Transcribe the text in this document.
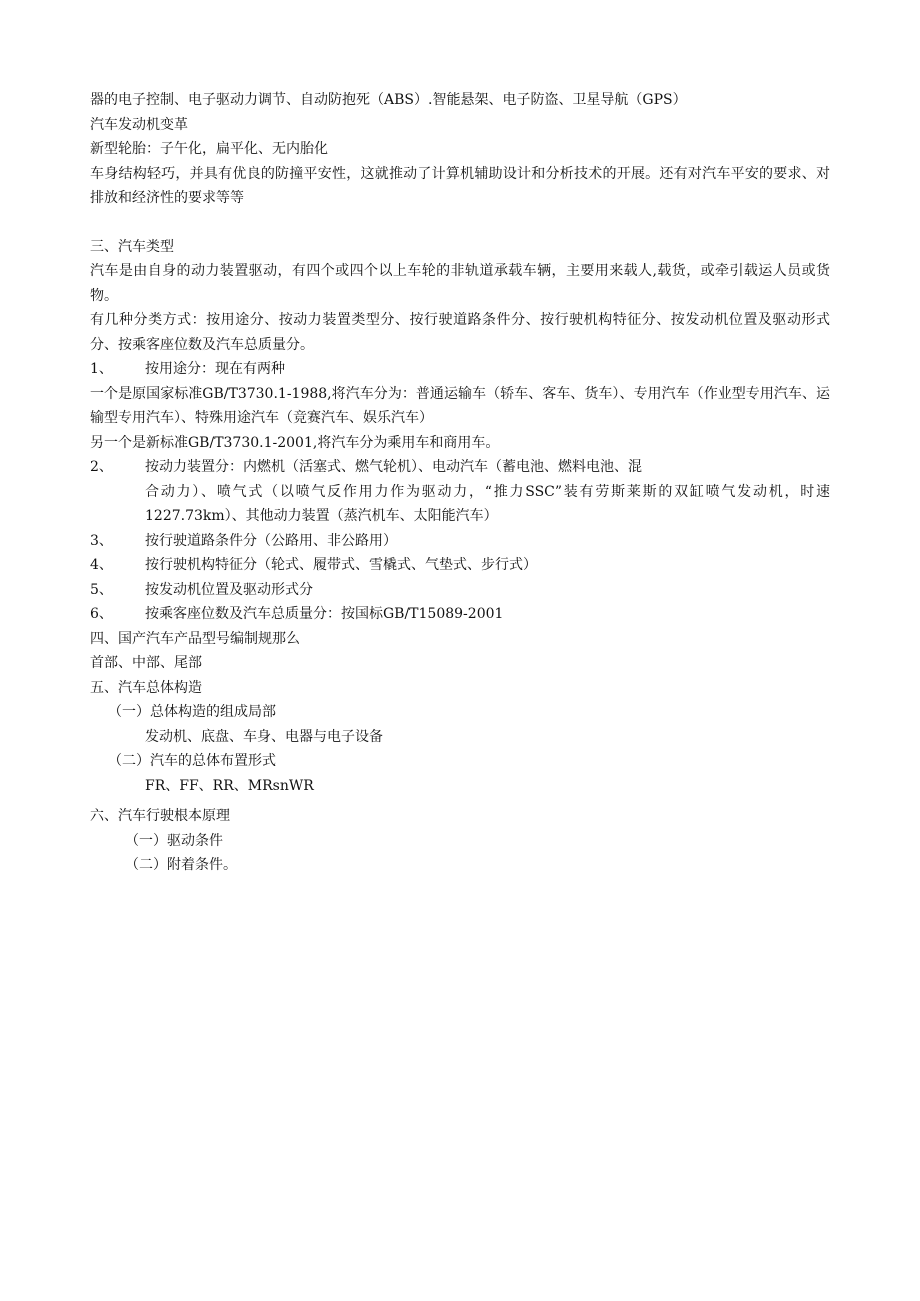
器的电子控制、电子驱动力调节、自动防抱死（ABS）.智能悬架、电子防盗、卫星导航（GPS）
汽车发动机变革
新型轮胎：子午化，扁平化、无内胎化
车身结构轻巧，并具有优良的防撞平安性，这就推动了计算机辅助设计和分析技术的开展。还有对汽车平安的要求、对排放和经济性的要求等等
三、汽车类型
汽车是由自身的动力装置驱动，有四个或四个以上车轮的非轨道承载车辆，主要用来载人,载货，或牵引载运人员或货物。
有几种分类方式：按用途分、按动力装置类型分、按行驶道路条件分、按行驶机构特征分、按发动机位置及驱动形式分、按乘客座位数及汽车总质量分。
1、	按用途分：现在有两种
一个是原国家标准GB/T3730.1-1988,将汽车分为：普通运输车（轿车、客车、货车）、专用汽车（作业型专用汽车、运输型专用汽车）、特殊用途汽车（竞赛汽车、娱乐汽车）
另一个是新标准GB/T3730.1-2001,将汽车分为乘用车和商用车。
2、	按动力装置分：内燃机（活塞式、燃气轮机）、电动汽车（蓄电池、燃料电池、混
合动力）、喷气式（以喷气反作用力作为驱动力，“推力SSC”装有劳斯莱斯的双缸喷气发动机，时速1227.73km）、其他动力装置（蒸汽机车、太阳能汽车）
3、	按行驶道路条件分（公路用、非公路用）
4、	按行驶机构特征分（轮式、履带式、雪橇式、气垫式、步行式）
5、	按发动机位置及驱动形式分
6、	按乘客座位数及汽车总质量分：按国标GB/T15089-2001
四、国产汽车产品型号编制规那么
首部、中部、尾部
五、汽车总体构造
（一）总体构造的组成局部
发动机、底盘、车身、电器与电子设备
（二）汽车的总体布置形式
FR、FF、RR、MRsnWR
六、汽车行驶根本原理
（一）驱动条件
（二）附着条件。
